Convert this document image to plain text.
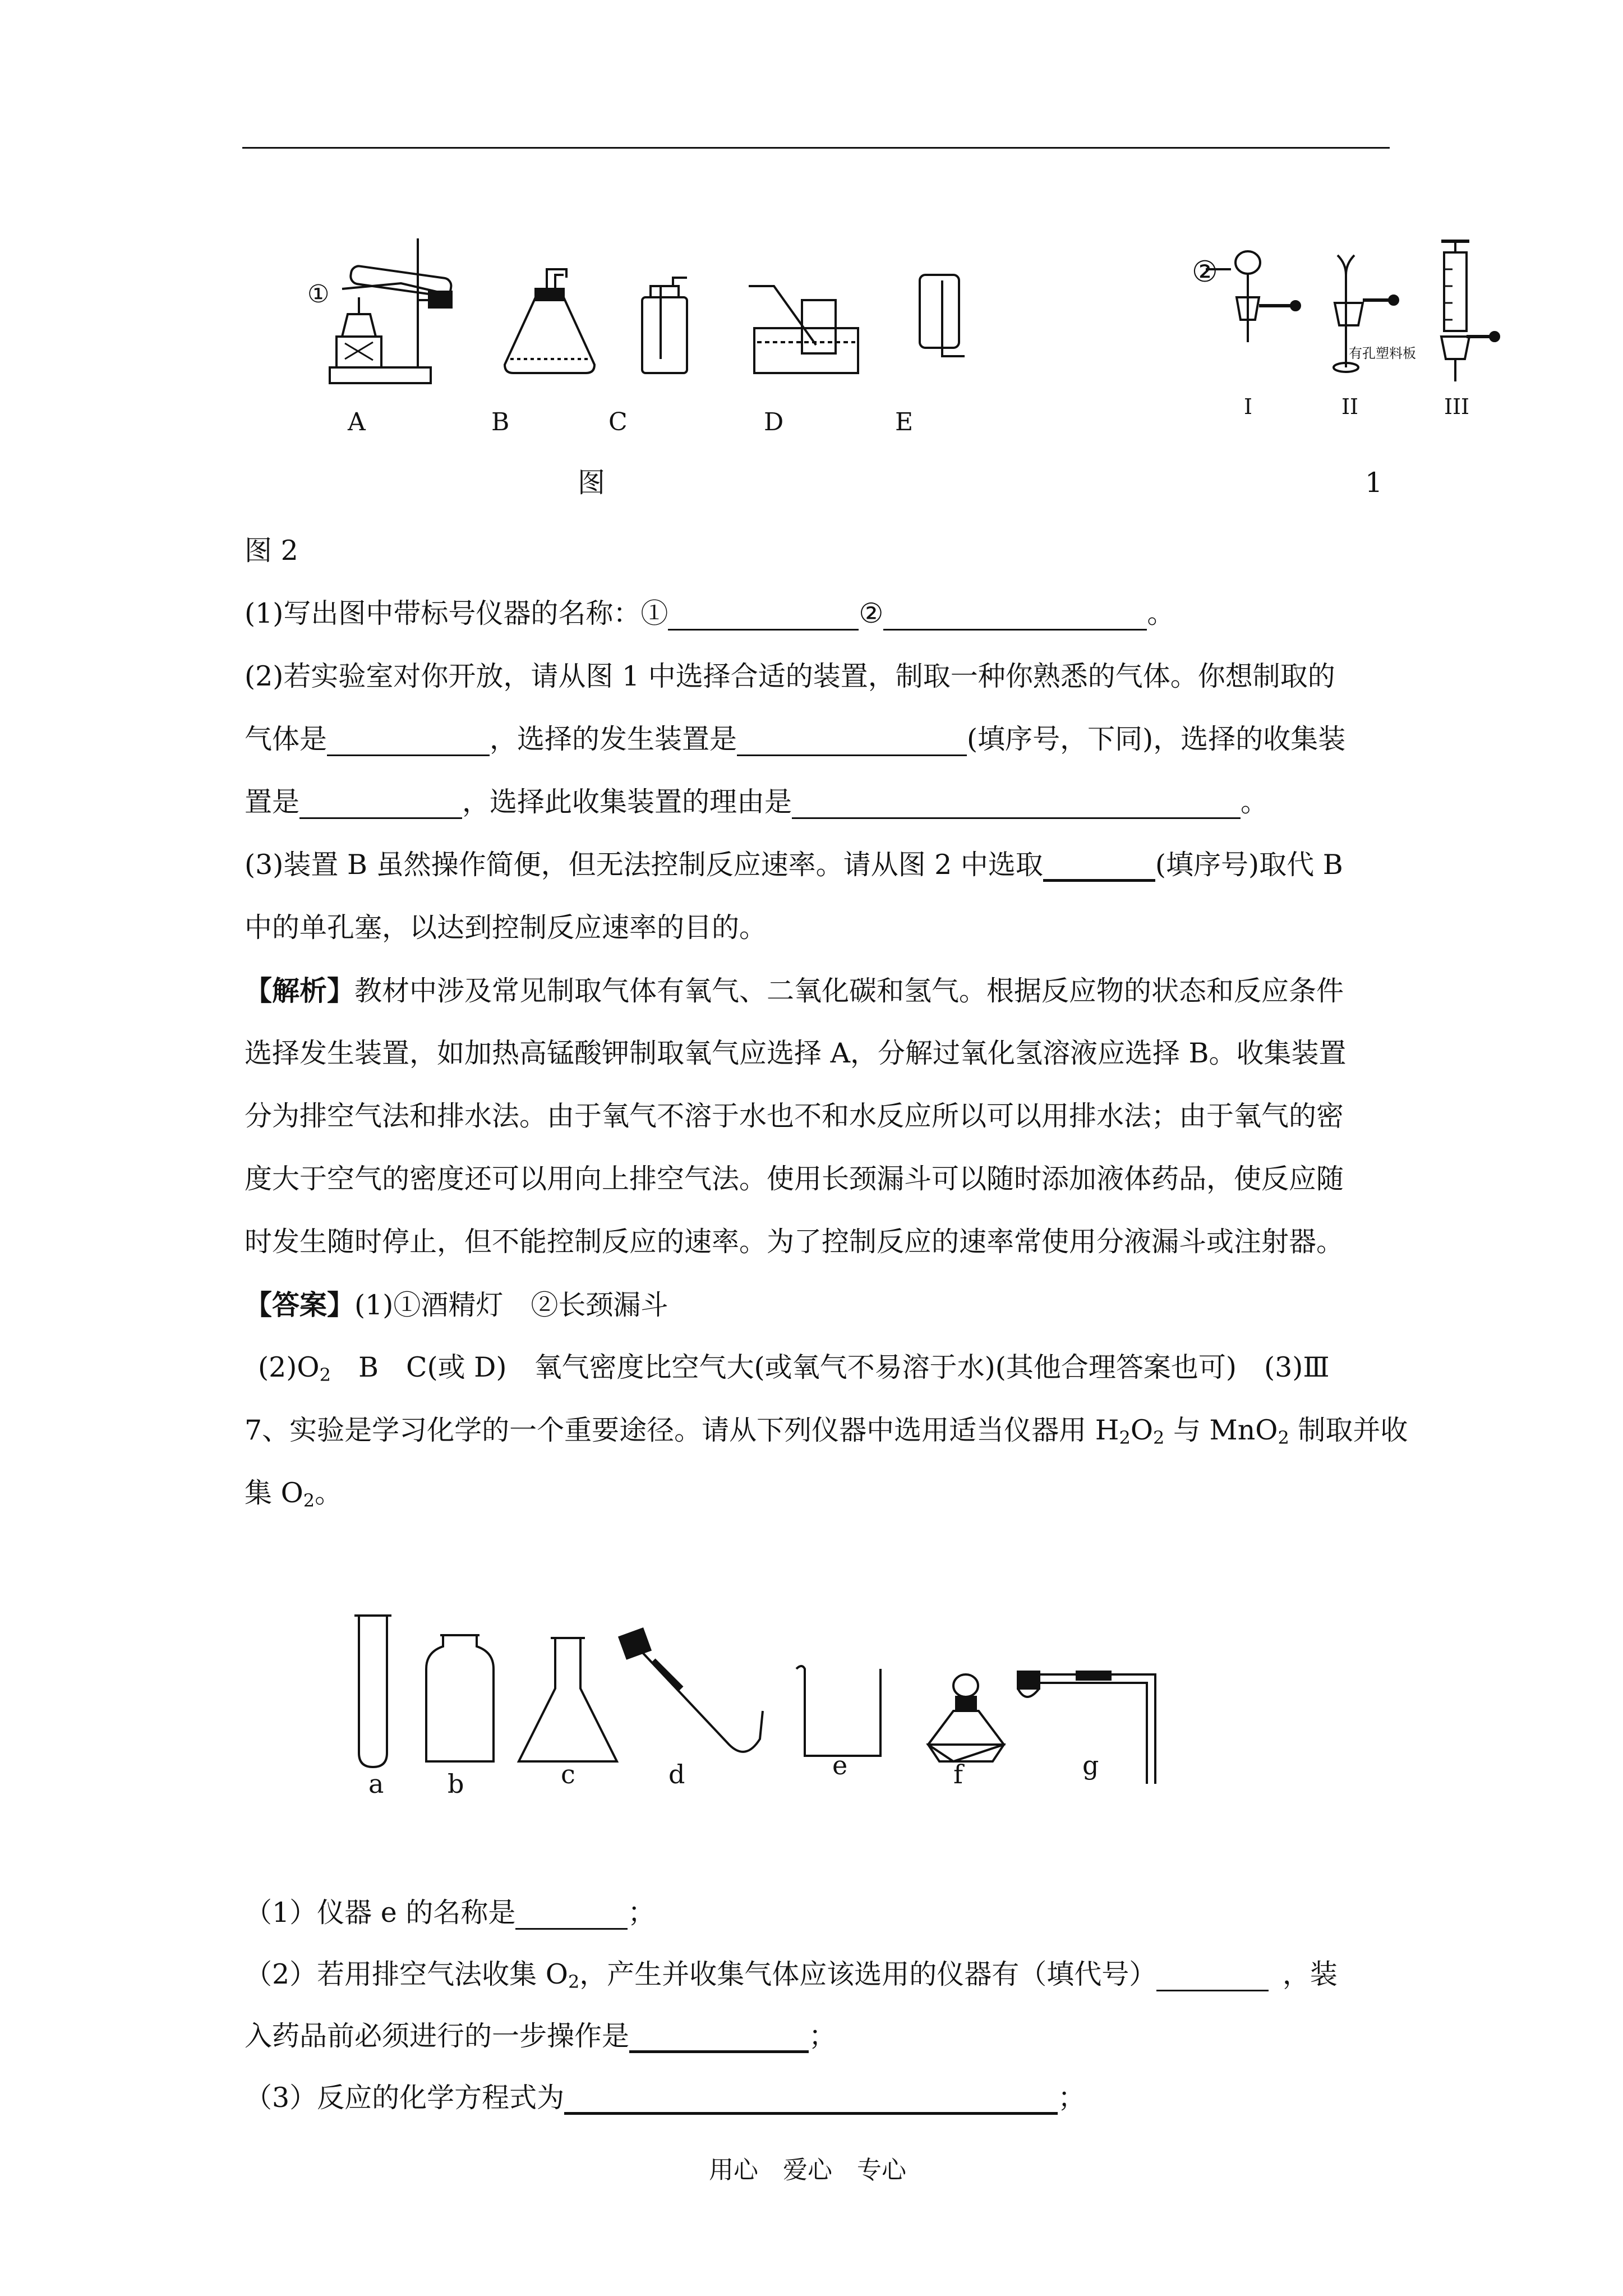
①
②
A	B	C	D	E
I	II	III
有孔塑料板
图	1
图 2
(1)写出图中带标号仪器的名称：①	②	。
(2)若实验室对你开放，请从图 1 中选择合适的装置，制取一种你熟悉的气体。你想制取的
气体是	，选择的发生装置是	(填序号，下同)，选择的收集装
置是	，选择此收集装置的理由是	。
(3)装置 B 虽然操作简便，但无法控制反应速率。请从图 2 中选取	(填序号)取代 B
中的单孔塞，以达到控制反应速率的目的。
【解析】教材中涉及常见制取气体有氧气、二氧化碳和氢气。根据反应物的状态和反应条件
选择发生装置，如加热高锰酸钾制取氧气应选择 A，分解过氧化氢溶液应选择 B。收集装置
分为排空气法和排水法。由于氧气不溶于水也不和水反应所以可以用排水法；由于氧气的密
度大于空气的密度还可以用向上排空气法。使用长颈漏斗可以随时添加液体药品，使反应随
时发生随时停止，但不能控制反应的速率。为了控制反应的速率常使用分液漏斗或注射器。
【答案】(1)①酒精灯　②长颈漏斗
$(2)O_2$　B　C(或 D)　氧气密度比空气大(或氧气不易溶于水)(其他合理答案也可)　(3)Ⅲ
7、实验是学习化学的一个重要途径。请从下列仪器中选用适当仪器用 $H_2O_2$ 与 MnO$_2$ 制取并收
集 $O_2$。
a b	c	d	e	f	g
（1）仪器 e 的名称是	；
（2）若用排空气法收集 $O_2$，产生并收集气体应该选用的仪器有（填代号） 	，装
入药品前必须进行的一步操作是	；
（3）反应的化学方程式为	；
用心　爱心　专心
